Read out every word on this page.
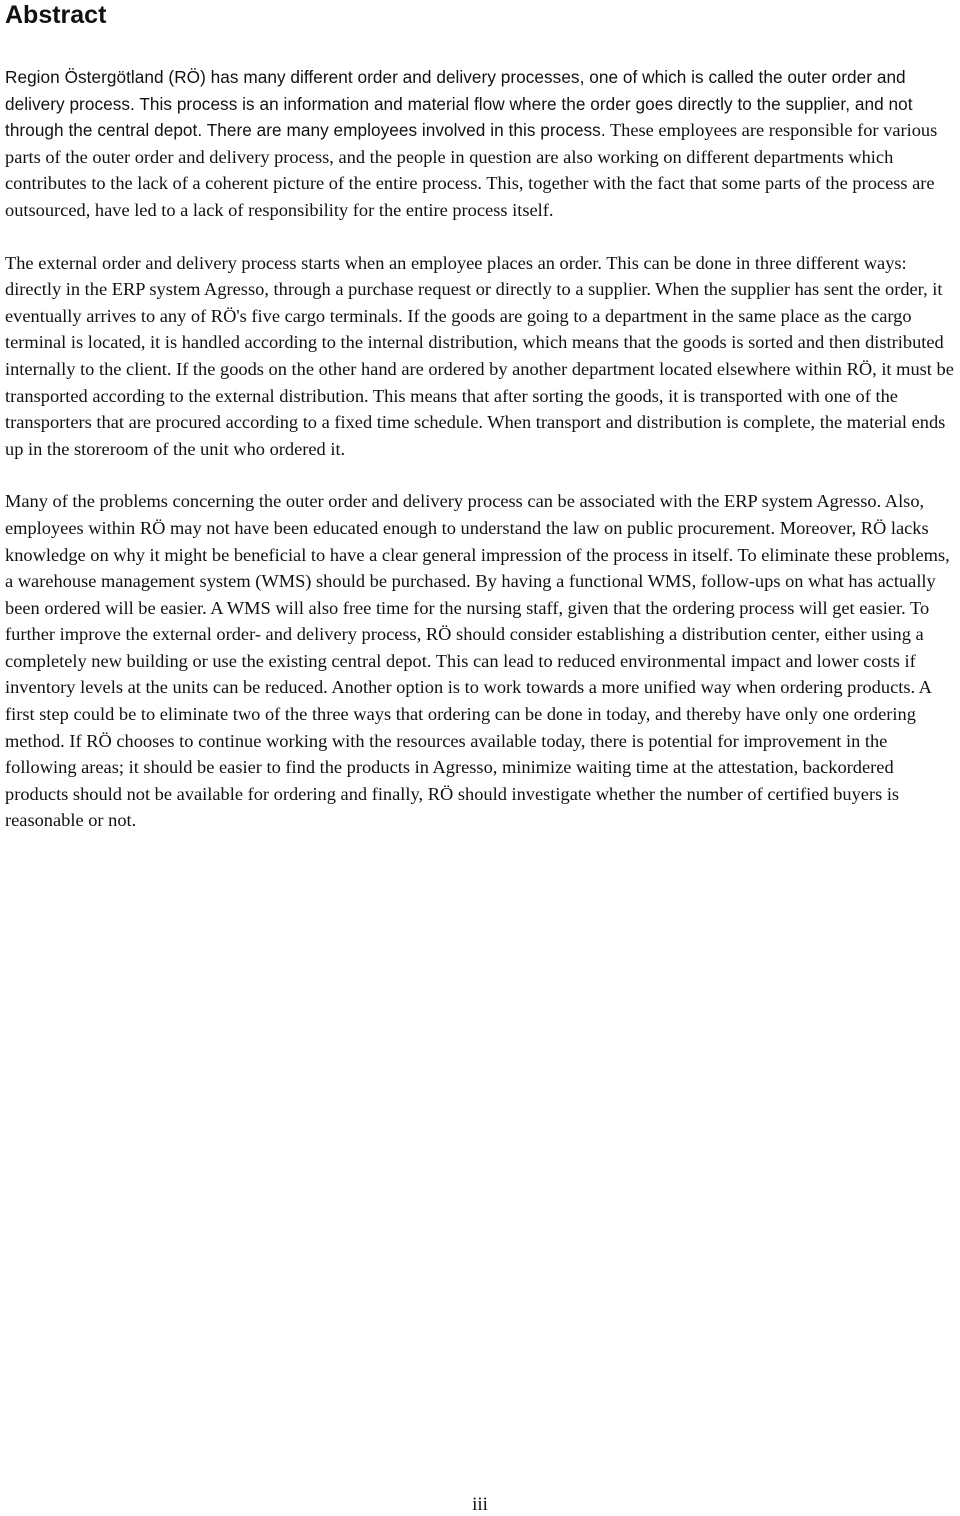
Abstract

Region Östergötland (RÖ) has many different order and delivery processes, one of which is called the outer order and delivery process. This process is an information and material flow where the order goes directly to the supplier, and not through the central depot. There are many employees involved in this process. These employees are responsible for various parts of the outer order and delivery process, and the people in question are also working on different departments which contributes to the lack of a coherent picture of the entire process. This, together with the fact that some parts of the process are outsourced, have led to a lack of responsibility for the entire process itself.

The external order and delivery process starts when an employee places an order. This can be done in three different ways: directly in the ERP system Agresso, through a purchase request or directly to a supplier. When the supplier has sent the order, it eventually arrives to any of RÖ's five cargo terminals. If the goods are going to a department in the same place as the cargo terminal is located, it is handled according to the internal distribution, which means that the goods is sorted and then distributed internally to the client. If the goods on the other hand are ordered by another department located elsewhere within RÖ, it must be transported according to the external distribution. This means that after sorting the goods, it is transported with one of the transporters that are procured according to a fixed time schedule. When transport and distribution is complete, the material ends up in the storeroom of the unit who ordered it.

Many of the problems concerning the outer order and delivery process can be associated with the ERP system Agresso. Also, employees within RÖ may not have been educated enough to understand the law on public procurement. Moreover, RÖ lacks knowledge on why it might be beneficial to have a clear general impression of the process in itself. To eliminate these problems, a warehouse management system (WMS) should be purchased. By having a functional WMS, follow-ups on what has actually been ordered will be easier. A WMS will also free time for the nursing staff, given that the ordering process will get easier. To further improve the external order- and delivery process, RÖ should consider establishing a distribution center, either using a completely new building or use the existing central depot. This can lead to reduced environmental impact and lower costs if inventory levels at the units can be reduced. Another option is to work towards a more unified way when ordering products. A first step could be to eliminate two of the three ways that ordering can be done in today, and thereby have only one ordering method. If RÖ chooses to continue working with the resources available today, there is potential for improvement in the following areas; it should be easier to find the products in Agresso, minimize waiting time at the attestation, backordered products should not be available for ordering and finally, RÖ should investigate whether the number of certified buyers is reasonable or not.

iii
